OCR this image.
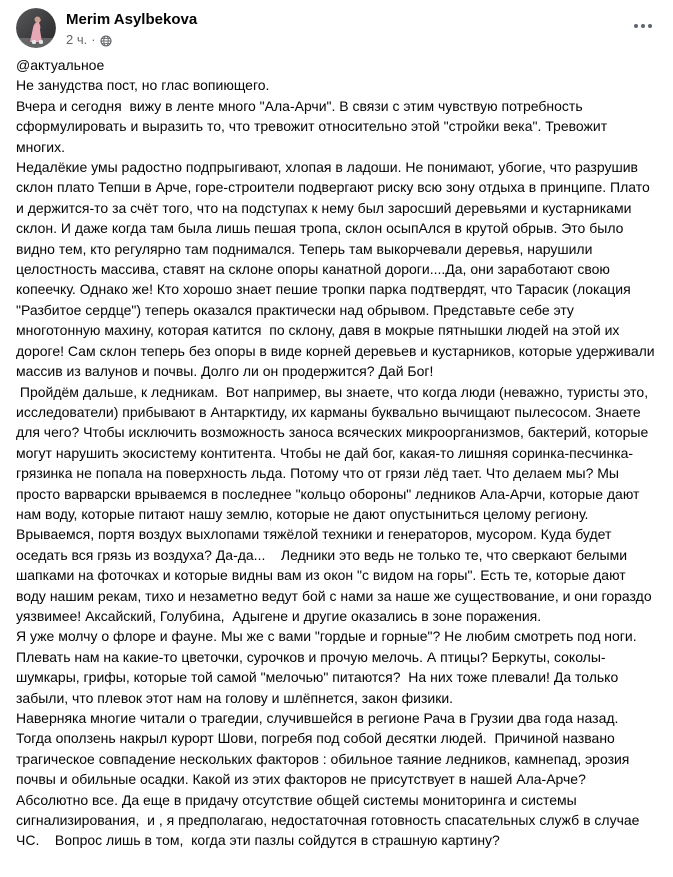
Merim Asylbekova
2 ч. ·
@актуальное
Не занудства пост, но глас вопиющего.
Вчера и сегодня  вижу в ленте много "Ала-Арчи". В связи с этим чувствую потребность сформулировать и выразить то, что тревожит относительно этой "стройки века". Тревожит многих.
Недалёкие умы радостно подпрыгивают, хлопая в ладоши. Не понимают, убогие, что разрушив склон плато Тепши в Арче, горе-строители подвергают риску всю зону отдыха в принципе. Плато и держится-то за счёт того, что на подступах к нему был заросший деревьями и кустарниками склон. И даже когда там была лишь пешая тропа, склон осыпАлся в крутой обрыв. Это было видно тем, кто регулярно там поднимался. Теперь там выкорчевали деревья, нарушили целостность массива, ставят на склоне опоры канатной дороги....Да, они заработают свою копеечку. Однако же! Кто хорошо знает пешие тропки парка подтвердят, что Тарасик (локация "Разбитое сердце") теперь оказался практически над обрывом. Представьте себе эту многотонную махину, которая катится  по склону, давя в мокрые пятнышки людей на этой их дороге! Сам склон теперь без опоры в виде корней деревьев и кустарников, которые удерживали массив из валунов и почвы. Долго ли он продержится? Дай Бог!
Пройдём дальше, к ледникам.  Вот например, вы знаете, что когда люди (неважно, туристы это, исследователи) прибывают в Антарктиду, их карманы буквально вычищают пылесосом. Знаете для чего? Чтобы исключить возможность заноса всяческих микроорганизмов, бактерий, которые могут нарушить экосистему контитента. Чтобы не дай бог, какая-то лишняя соринка-песчинка-грязинка не попала на поверхность льда. Потому что от грязи лёд тает. Что делаем мы? Мы просто варварски врываемся в последнее "кольцо обороны" ледников Ала-Арчи, которые дают нам воду, которые питают нашу землю, которые не дают опустыниться целому региону. Врываемся, портя воздух выхлопами тяжёлой техники и генераторов, мусором. Куда будет оседать вся грязь из воздуха? Да-да...    Ледники это ведь не только те, что сверкают белыми шапками на фоточках и которые видны вам из окон "с видом на горы". Есть те, которые дают воду нашим рекам, тихо и незаметно ведут бой с нами за наше же существование, и они гораздо уязвимее! Аксайский, Голубина,  Адыгене и другие оказались в зоне поражения.
Я уже молчу о флоре и фауне. Мы же с вами "гордые и горные"? Не любим смотреть под ноги. Плевать нам на какие-то цветочки, сурочков и прочую мелочь. А птицы? Беркуты, соколы-шумкары, грифы, которые той самой "мелочью" питаются?  На них тоже плевали! Да только забыли, что плевок этот нам на голову и шлёпнется, закон физики.
Наверняка многие читали о трагедии, случившейся в регионе Рача в Грузии два года назад. Тогда оползень накрыл курорт Шови, погребя под собой десятки людей.  Причиной названо трагическое совпадение нескольких факторов : обильное таяние ледников, камнепад, эрозия почвы и обильные осадки. Какой из этих факторов не присутствует в нашей Ала-Арче?
Абсолютно все. Да еще в придачу отсутствие общей системы мониторинга и системы сигнализирования,  и , я предполагаю, недостаточная готовность спасательных служб в случае ЧС.    Вопрос лишь в том,  когда эти пазлы сойдутся в страшную картину?
